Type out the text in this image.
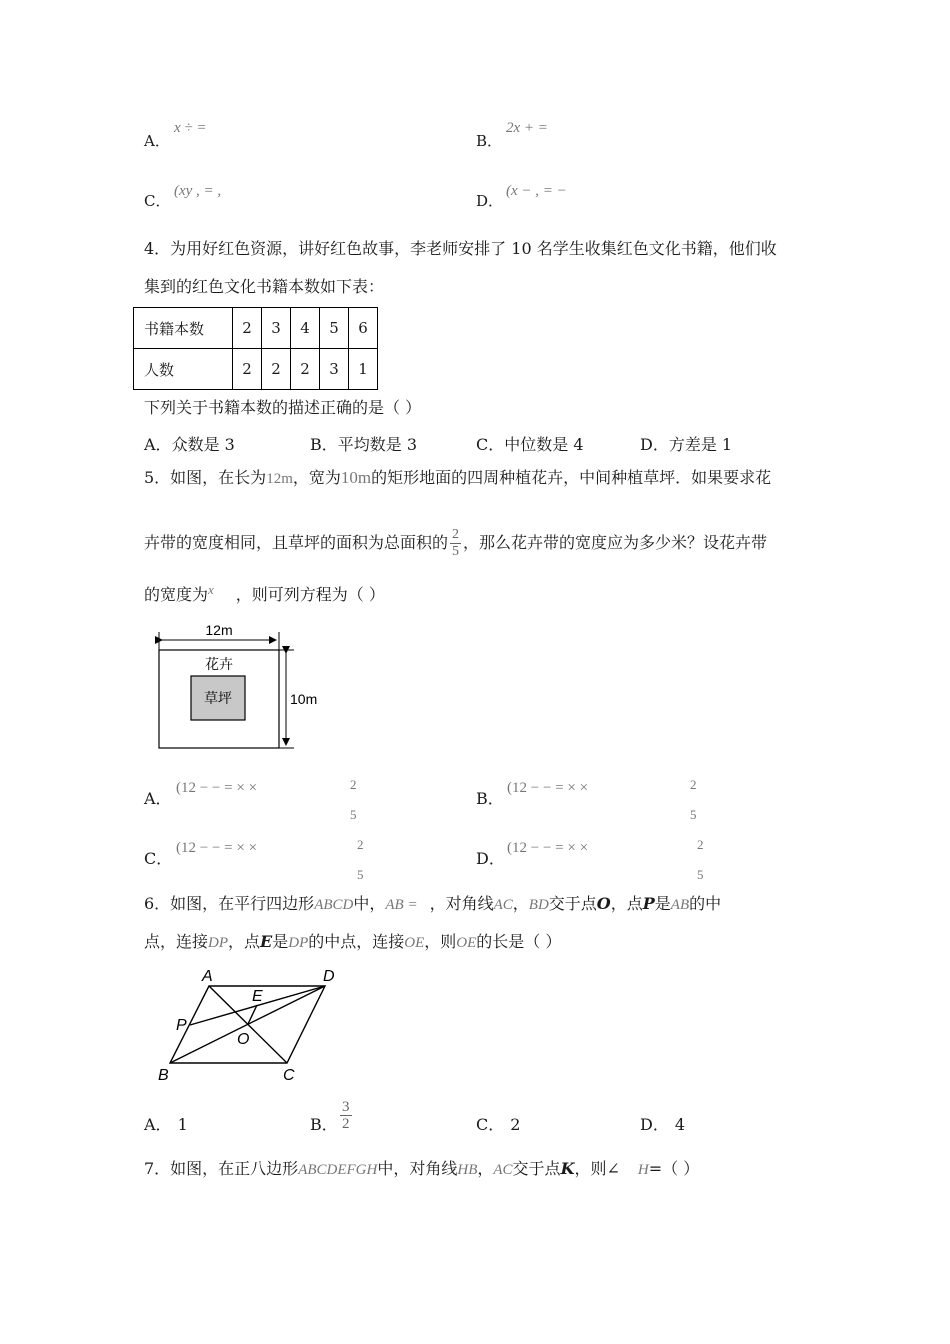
A．
x ÷ =
B．
2x + =
C．
(xy , = ,
D．
(x − , = −
4．为用好红色资源，讲好红色故事，李老师安排了 10 名学生收集红色文化书籍，他们收
集到的红色文化书籍本数如下表：
书籍本数	2	3	4	5	6
人数	2	2	2	3	1
下列关于书籍本数的描述正确的是（ ）
A．众数是 3	B．平均数是 3	C．中位数是 4	D．方差是 1
5．如图，在长为12m，宽为10m的矩形地面的四周种植花卉，中间种植草坪．如果要求花
卉带的宽度相同，且草坪的面积为总面积的 $\frac{2}{5}$ ，那么花卉带的宽度应为多少米？设花卉带
的宽度为$^x$ ，则可列方程为（ ）
12m
花卉
草坪	10m
A．
(12 − − = × ×	2
5
B．
(12 − − = × ×	2
5
C．
(12 − − = × ×	2
5
D．
(12 − − = × ×	2
5
6．如图，在平行四边形ABCD中，AB = ，对角线AC，BD交于点O，点P是AB的中
点，连接DP，点E是DP的中点，连接OE，则OE的长是（ ）
A	D
E
P
O
B	C
A． 1	B． $\frac{3}{2}$	C． 2	D． 4
7．如图，在正八边形ABCDEFGH中，对角线HB，AC交于点K，则∠ H=（ ）
